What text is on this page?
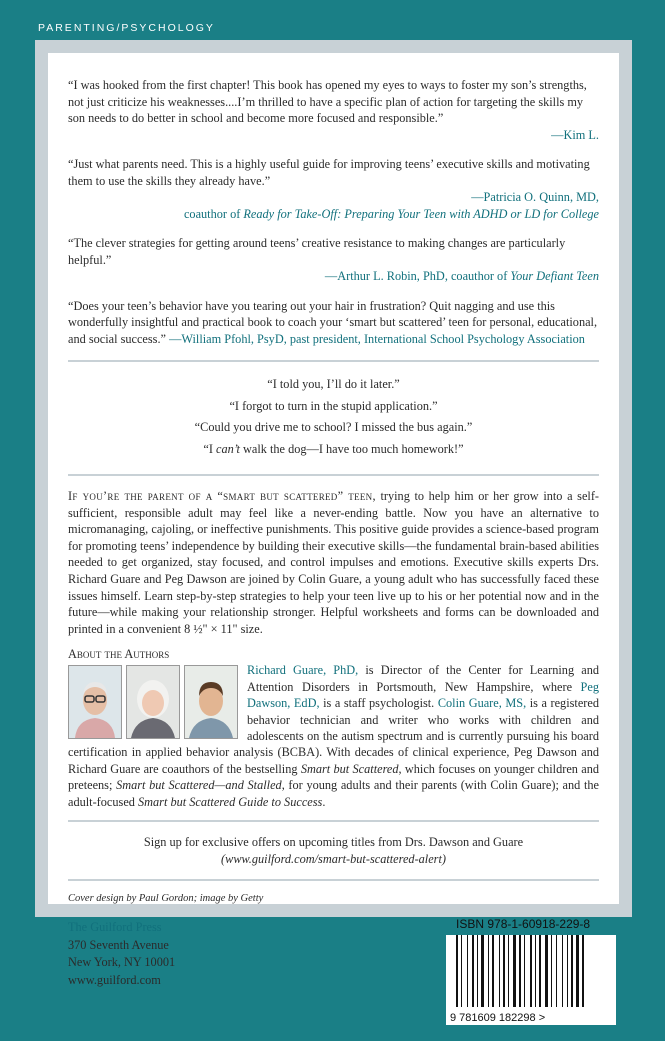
PARENTING/PSYCHOLOGY

“I was hooked from the first chapter! This book has opened my eyes to ways to foster my son’s strengths, not just criticize his weaknesses....I’m thrilled to have a specific plan of action for targeting the skills my son needs to do better in school and become more focused and responsible.”
—Kim L.

“Just what parents need. This is a highly useful guide for improving teens’ executive skills and motivating them to use the skills they already have.”
—Patricia O. Quinn, MD,
coauthor of Ready for Take-Off: Preparing Your Teen with ADHD or LD for College

“The clever strategies for getting around teens’ creative resistance to making changes are particularly helpful.”
—Arthur L. Robin, PhD, coauthor of Your Defiant Teen

“Does your teen’s behavior have you tearing out your hair in frustration? Quit nagging and use this wonderfully insightful and practical book to coach your ‘smart but scattered’ teen for personal, educational, and social success.” —William Pfohl, PsyD, past president, International School Psychology Association

“I told you, I’ll do it later.”
“I forgot to turn in the stupid application.”
“Could you drive me to school? I missed the bus again.”
“I can’t walk the dog—I have too much homework!”

If you’re the parent of a “smart but scattered” teen, trying to help him or her grow into a self-sufficient, responsible adult may feel like a never-ending battle. Now you have an alternative to micromanaging, cajoling, or ineffective punishments. This positive guide provides a science-based program for promoting teens’ independence by building their executive skills—the fundamental brain-based abilities needed to get organized, stay focused, and control impulses and emotions. Executive skills experts Drs. Richard Guare and Peg Dawson are joined by Colin Guare, a young adult who has successfully faced these issues himself. Learn step-by-step strategies to help your teen live up to his or her potential now and in the future—while making your relationship stronger. Helpful worksheets and forms can be downloaded and printed in a convenient 8 ½" × 11" size.

About the Authors
Richard Guare, PhD, is Director of the Center for Learning and Attention Disorders in Portsmouth, New Hampshire, where Peg Dawson, EdD, is a staff psychologist. Colin Guare, MS, is a registered behavior technician and writer who works with children and adolescents on the autism spectrum and is currently pursuing his board certification in applied behavior analysis (BCBA). With decades of clinical experience, Peg Dawson and Richard Guare are coauthors of the bestselling Smart but Scattered, which focuses on younger children and preteens; Smart but Scattered—and Stalled, for young adults and their parents (with Colin Guare); and the adult-focused Smart but Scattered Guide to Success.
Sign up for exclusive offers on upcoming titles from Drs. Dawson and Guare
(www.guilford.com/smart-but-scattered-alert)
Cover design by Paul Gordon; image by Getty
The Guilford Press
370 Seventh Avenue
New York, NY 10001
www.guilford.com
ISBN 978-1-60918-229-8
9 781609 182298 >
